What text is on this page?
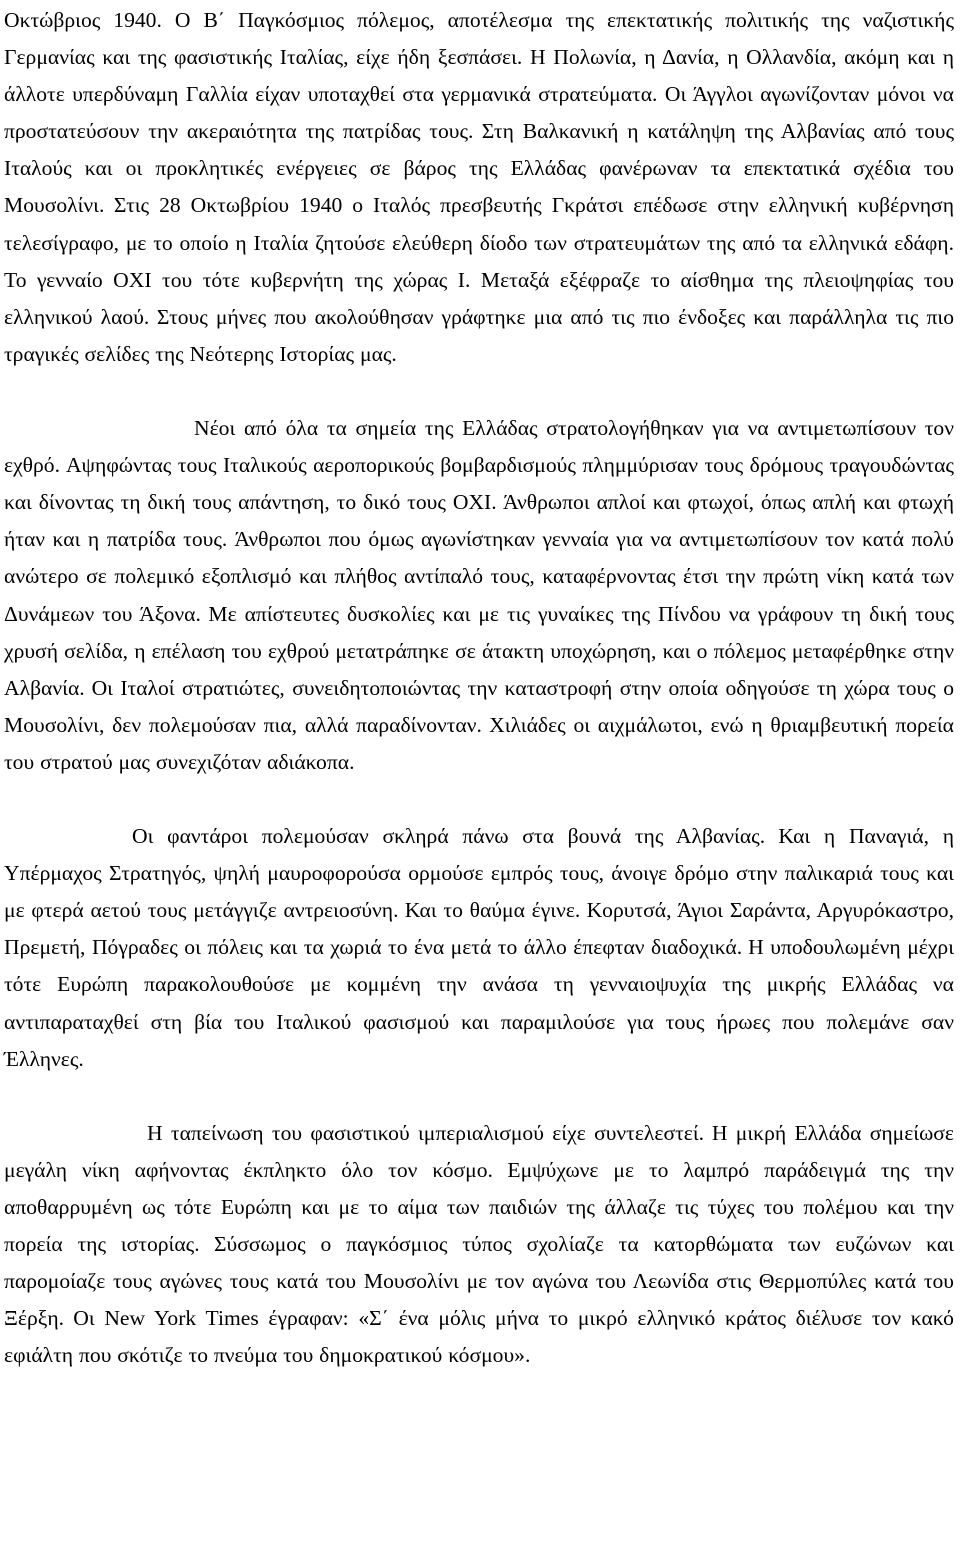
Οκτώβριος 1940. Ο Β΄ Παγκόσμιος πόλεμος, αποτέλεσμα της επεκτατικής πολιτικής της ναζιστικής Γερμανίας και της φασιστικής Ιταλίας, είχε ήδη ξεσπάσει. Η Πολωνία, η Δανία, η Ολλανδία, ακόμη και η άλλοτε υπερδύναμη Γαλλία είχαν υποταχθεί στα γερμανικά στρατεύματα. Οι Άγγλοι αγωνίζονταν μόνοι να προστατεύσουν την ακεραιότητα της πατρίδας τους. Στη Βαλκανική η κατάληψη της Αλβανίας από τους Ιταλούς και οι προκλητικές ενέργειες σε βάρος της Ελλάδας φανέρωναν τα επεκτατικά σχέδια του Μουσολίνι. Στις 28 Οκτωβρίου 1940 ο Ιταλός πρεσβευτής Γκράτσι επέδωσε στην ελληνική κυβέρνηση τελεσίγραφο, με το οποίο η Ιταλία ζητούσε ελεύθερη δίοδο των στρατευμάτων της από τα ελληνικά εδάφη. Το γενναίο ΟΧΙ του τότε κυβερνήτη της χώρας Ι. Μεταξά εξέφραζε το αίσθημα της πλειοψηφίας του ελληνικού λαού. Στους μήνες που ακολούθησαν γράφτηκε μια από τις πιο ένδοξες και παράλληλα τις πιο τραγικές σελίδες της Νεότερης Ιστορίας μας.

Νέοι από όλα τα σημεία της Ελλάδας στρατολογήθηκαν για να αντιμετωπίσουν τον εχθρό. Αψηφώντας τους Ιταλικούς αεροπορικούς βομβαρδισμούς πλημμύρισαν τους δρόμους τραγουδώντας και δίνοντας τη δική τους απάντηση, το δικό τους ΟΧΙ. Άνθρωποι απλοί και φτωχοί, όπως απλή και φτωχή ήταν και η πατρίδα τους. Άνθρωποι που όμως αγωνίστηκαν γενναία για να αντιμετωπίσουν τον κατά πολύ ανώτερο σε πολεμικό εξοπλισμό και πλήθος αντίπαλό τους, καταφέρνοντας έτσι την πρώτη νίκη κατά των Δυνάμεων του Άξονα. Με απίστευτες δυσκολίες και με τις γυναίκες της Πίνδου να γράφουν τη δική τους χρυσή σελίδα, η επέλαση του εχθρού μετατράπηκε σε άτακτη υποχώρηση, και ο πόλεμος μεταφέρθηκε στην Αλβανία. Οι Ιταλοί στρατιώτες, συνειδητοποιώντας την καταστροφή στην οποία οδηγούσε τη χώρα τους ο Μουσολίνι, δεν πολεμούσαν πια, αλλά παραδίνονταν. Χιλιάδες οι αιχμάλωτοι, ενώ η θριαμβευτική πορεία του στρατού μας συνεχιζόταν αδιάκοπα.

Οι φαντάροι πολεμούσαν σκληρά πάνω στα βουνά της Αλβανίας. Και η Παναγιά, η Υπέρμαχος Στρατηγός, ψηλή μαυροφορούσα ορμούσε εμπρός τους, άνοιγε δρόμο στην παλικαριά τους και με φτερά αετού τους μετάγγιζε αντρειοσύνη. Και το θαύμα έγινε. Κορυτσά, Άγιοι Σαράντα, Αργυρόκαστρο, Πρεμετή, Πόγραδες οι πόλεις και τα χωριά το ένα μετά το άλλο έπεφταν διαδοχικά. Η υποδουλωμένη μέχρι τότε Ευρώπη παρακολουθούσε με κομμένη την ανάσα τη γενναιοψυχία της μικρής Ελλάδας να αντιπαραταχθεί στη βία του Ιταλικού φασισμού και παραμιλούσε για τους ήρωες που πολεμάνε σαν Έλληνες.

Η ταπείνωση του φασιστικού ιμπεριαλισμού είχε συντελεστεί. Η μικρή Ελλάδα σημείωσε μεγάλη νίκη αφήνοντας έκπληκτο όλο τον κόσμο. Εμψύχωνε με το λαμπρό παράδειγμά της την αποθαρρυμένη ως τότε Ευρώπη και με το αίμα των παιδιών της άλλαζε τις τύχες του πολέμου και την πορεία της ιστορίας. Σύσσωμος ο παγκόσμιος τύπος σχολίαζε τα κατορθώματα των ευζώνων και παρομοίαζε τους αγώνες τους κατά του Μουσολίνι με τον αγώνα του Λεωνίδα στις Θερμοπύλες κατά του Ξέρξη. Οι New York Times έγραφαν: «Σ΄ ένα μόλις μήνα το μικρό ελληνικό κράτος διέλυσε τον κακό εφιάλτη που σκότιζε το πνεύμα του δημοκρατικού κόσμου».
